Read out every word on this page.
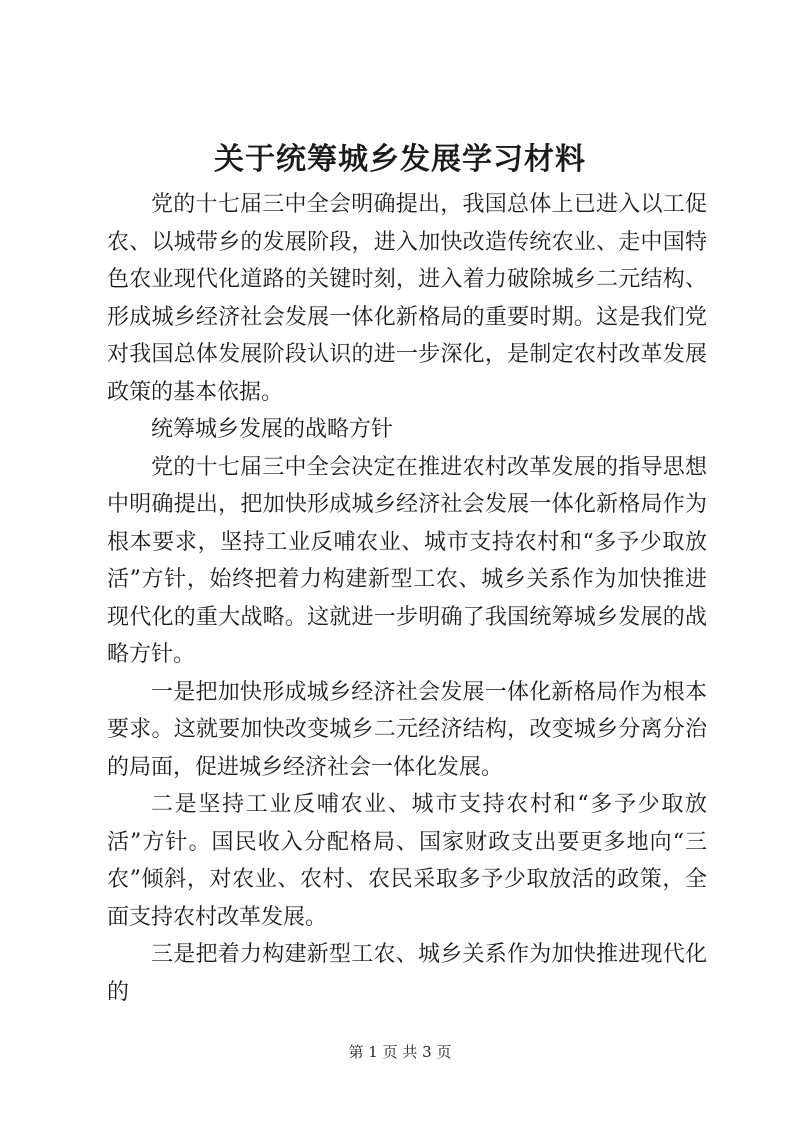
关于统筹城乡发展学习材料

党的十七届三中全会明确提出，我国总体上已进入以工促农、以城带乡的发展阶段，进入加快改造传统农业、走中国特色农业现代化道路的关键时刻，进入着力破除城乡二元结构、形成城乡经济社会发展一体化新格局的重要时期。这是我们党对我国总体发展阶段认识的进一步深化，是制定农村改革发展政策的基本依据。

统筹城乡发展的战略方针

党的十七届三中全会决定在推进农村改革发展的指导思想中明确提出，把加快形成城乡经济社会发展一体化新格局作为根本要求，坚持工业反哺农业、城市支持农村和“多予少取放活”方针，始终把着力构建新型工农、城乡关系作为加快推进现代化的重大战略。这就进一步明确了我国统筹城乡发展的战略方针。

一是把加快形成城乡经济社会发展一体化新格局作为根本要求。这就要加快改变城乡二元经济结构，改变城乡分离分治的局面，促进城乡经济社会一体化发展。

二是坚持工业反哺农业、城市支持农村和“多予少取放活”方针。国民收入分配格局、国家财政支出要更多地向“三农”倾斜，对农业、农村、农民采取多予少取放活的政策，全面支持农村改革发展。

三是把着力构建新型工农、城乡关系作为加快推进现代化的

第 1 页 共 3 页
